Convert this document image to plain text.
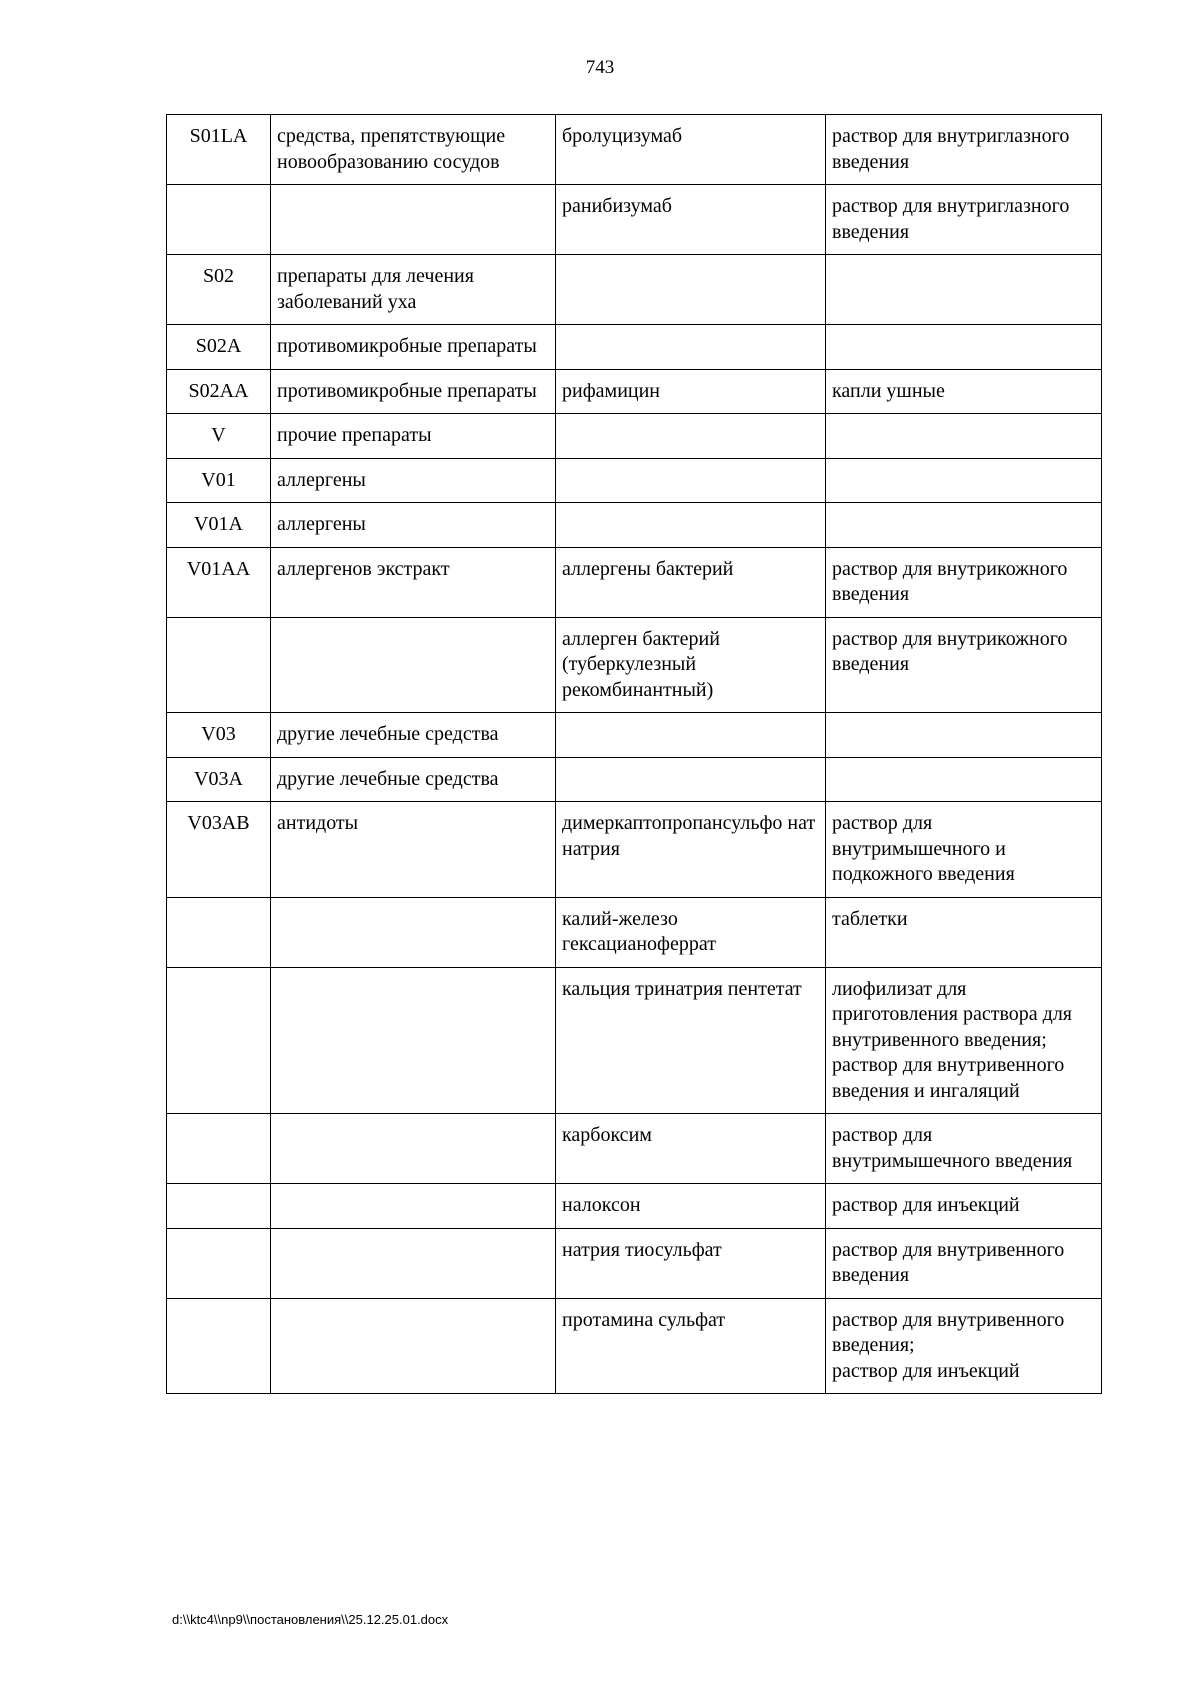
743
S01LA	средства, препятствующие новообразованию сосудов	бролуцизумаб	раствор для внутриглазного введения
		ранибизумаб	раствор для внутриглазного введения
S02	препараты для лечения заболеваний уха		
S02A	противомикробные препараты		
S02AA	противомикробные препараты	рифамицин	капли ушные
V	прочие препараты		
V01	аллергены		
V01A	аллергены		
V01AA	аллергенов экстракт	аллергены бактерий	раствор для внутрикожного введения
		аллерген бактерий (туберкулезный рекомбинантный)	раствор для внутрикожного введения
V03	другие лечебные средства		
V03A	другие лечебные средства		
V03AB	антидоты	димеркаптопропансульфо нат натрия	раствор для внутримышечного и подкожного введения
		калий-железо гексацианоферрат	таблетки
		кальция тринатрия пентетат	лиофилизат для приготовления раствора для внутривенного введения;
раствор для внутривенного введения и ингаляций
		карбоксим	раствор для внутримышечного введения
		налоксон	раствор для инъекций
		натрия тиосульфат	раствор для внутривенного введения
		протамина сульфат	раствор для внутривенного введения;
раствор для инъекций
d:\\ktc4\\np9\\постановления\\25.12.25.01.docx
